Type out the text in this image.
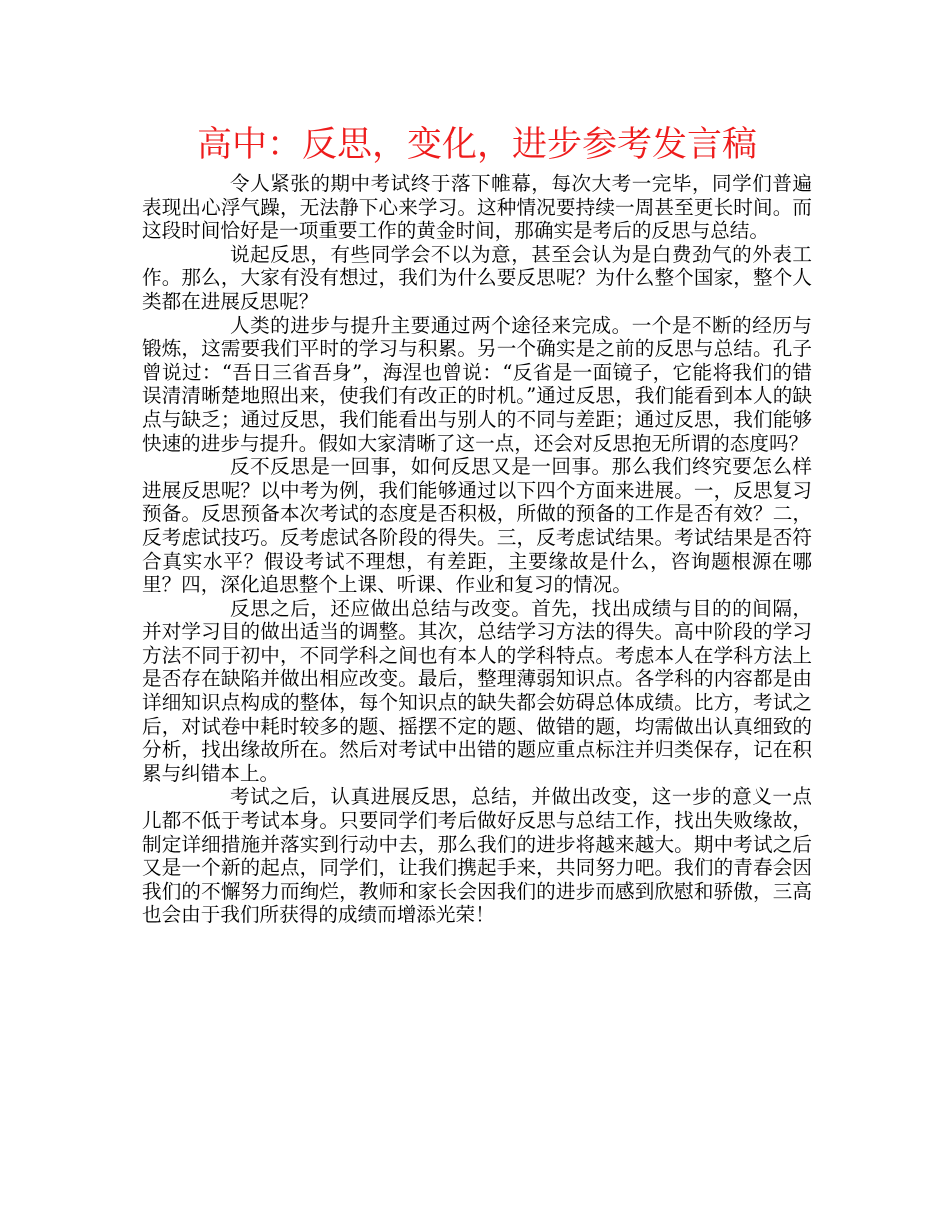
高中：反思，变化，进步参考发言稿

令人紧张的期中考试终于落下帷幕，每次大考一完毕，同学们普遍表现出心浮气躁，无法静下心来学习。这种情况要持续一周甚至更长时间。而这段时间恰好是一项重要工作的黄金时间，那确实是考后的反思与总结。

说起反思，有些同学会不以为意，甚至会认为是白费劲气的外表工作。那么，大家有没有想过，我们为什么要反思呢？为什么整个国家，整个人类都在进展反思呢？

人类的进步与提升主要通过两个途径来完成。一个是不断的经历与锻炼，这需要我们平时的学习与积累。另一个确实是之前的反思与总结。孔子曾说过：“吾日三省吾身”，海涅也曾说：“反省是一面镜子，它能将我们的错误清清晰楚地照出来，使我们有改正的时机。”通过反思，我们能看到本人的缺点与缺乏；通过反思，我们能看出与别人的不同与差距；通过反思，我们能够快速的进步与提升。假如大家清晰了这一点，还会对反思抱无所谓的态度吗？

反不反思是一回事，如何反思又是一回事。那么我们终究要怎么样进展反思呢？以中考为例，我们能够通过以下四个方面来进展。一，反思复习预备。反思预备本次考试的态度是否积极，所做的预备的工作是否有效？二，反考虑试技巧。反考虑试各阶段的得失。三，反考虑试结果。考试结果是否符合真实水平？假设考试不理想，有差距，主要缘故是什么，咨询题根源在哪里？四，深化追思整个上课、听课、作业和复习的情况。

反思之后，还应做出总结与改变。首先，找出成绩与目的的间隔，并对学习目的做出适当的调整。其次，总结学习方法的得失。高中阶段的学习方法不同于初中，不同学科之间也有本人的学科特点。考虑本人在学科方法上是否存在缺陷并做出相应改变。最后，整理薄弱知识点。各学科的内容都是由详细知识点构成的整体，每个知识点的缺失都会妨碍总体成绩。比方，考试之后，对试卷中耗时较多的题、摇摆不定的题、做错的题，均需做出认真细致的分析，找出缘故所在。然后对考试中出错的题应重点标注并归类保存，记在积累与纠错本上。

考试之后，认真进展反思，总结，并做出改变，这一步的意义一点儿都不低于考试本身。只要同学们考后做好反思与总结工作，找出失败缘故，制定详细措施并落实到行动中去，那么我们的进步将越来越大。期中考试之后又是一个新的起点，同学们，让我们携起手来，共同努力吧。我们的青春会因我们的不懈努力而绚烂，教师和家长会因我们的进步而感到欣慰和骄傲，三高也会由于我们所获得的成绩而增添光荣！
